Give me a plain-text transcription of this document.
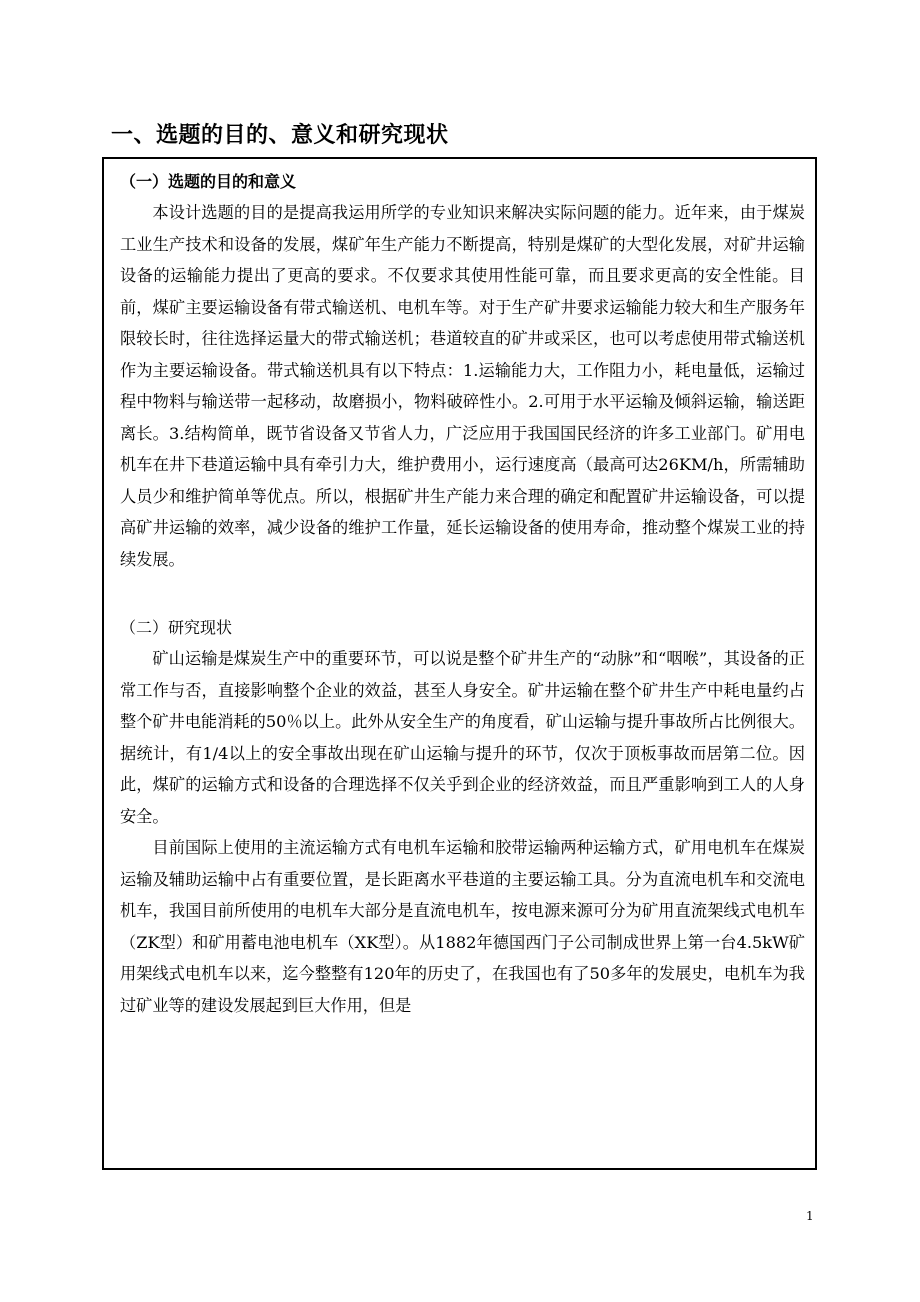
一、选题的目的、意义和研究现状
（一）选题的目的和意义

本设计选题的目的是提高我运用所学的专业知识来解决实际问题的能力。近年来，由于煤炭工业生产技术和设备的发展，煤矿年生产能力不断提高，特别是煤矿的大型化发展，对矿井运输设备的运输能力提出了更高的要求。不仅要求其使用性能可靠，而且要求更高的安全性能。目前，煤矿主要运输设备有带式输送机、电机车等。对于生产矿井要求运输能力较大和生产服务年限较长时，往往选择运量大的带式输送机；巷道较直的矿井或采区，也可以考虑使用带式输送机作为主要运输设备。带式输送机具有以下特点：1.运输能力大，工作阻力小，耗电量低，运输过程中物料与输送带一起移动，故磨损小，物料破碎性小。2.可用于水平运输及倾斜运输，输送距离长。3.结构简单，既节省设备又节省人力，广泛应用于我国国民经济的许多工业部门。矿用电机车在井下巷道运输中具有牵引力大，维护费用小，运行速度高（最高可达26KM/h，所需辅助人员少和维护简单等优点。所以，根据矿井生产能力来合理的确定和配置矿井运输设备，可以提高矿井运输的效率，减少设备的维护工作量，延长运输设备的使用寿命，推动整个煤炭工业的持续发展。

（二）研究现状

矿山运输是煤炭生产中的重要环节，可以说是整个矿井生产的“动脉”和“咽喉”，其设备的正常工作与否，直接影响整个企业的效益，甚至人身安全。矿井运输在整个矿井生产中耗电量约占整个矿井电能消耗的50％以上。此外从安全生产的角度看，矿山运输与提升事故所占比例很大。据统计，有1/4以上的安全事故出现在矿山运输与提升的环节，仅次于顶板事故而居第二位。因此，煤矿的运输方式和设备的合理选择不仅关乎到企业的经济效益，而且严重影响到工人的人身安全。

目前国际上使用的主流运输方式有电机车运输和胶带运输两种运输方式，矿用电机车在煤炭运输及辅助运输中占有重要位置，是长距离水平巷道的主要运输工具。分为直流电机车和交流电机车，我国目前所使用的电机车大部分是直流电机车，按电源来源可分为矿用直流架线式电机车（ZK型）和矿用蓄电池电机车（XK型）。从1882年德国西门子公司制成世界上第一台4.5kW矿用架线式电机车以来，迄今整整有120年的历史了，在我国也有了50多年的发展史，电机车为我过矿业等的建设发展起到巨大作用，但是

1
